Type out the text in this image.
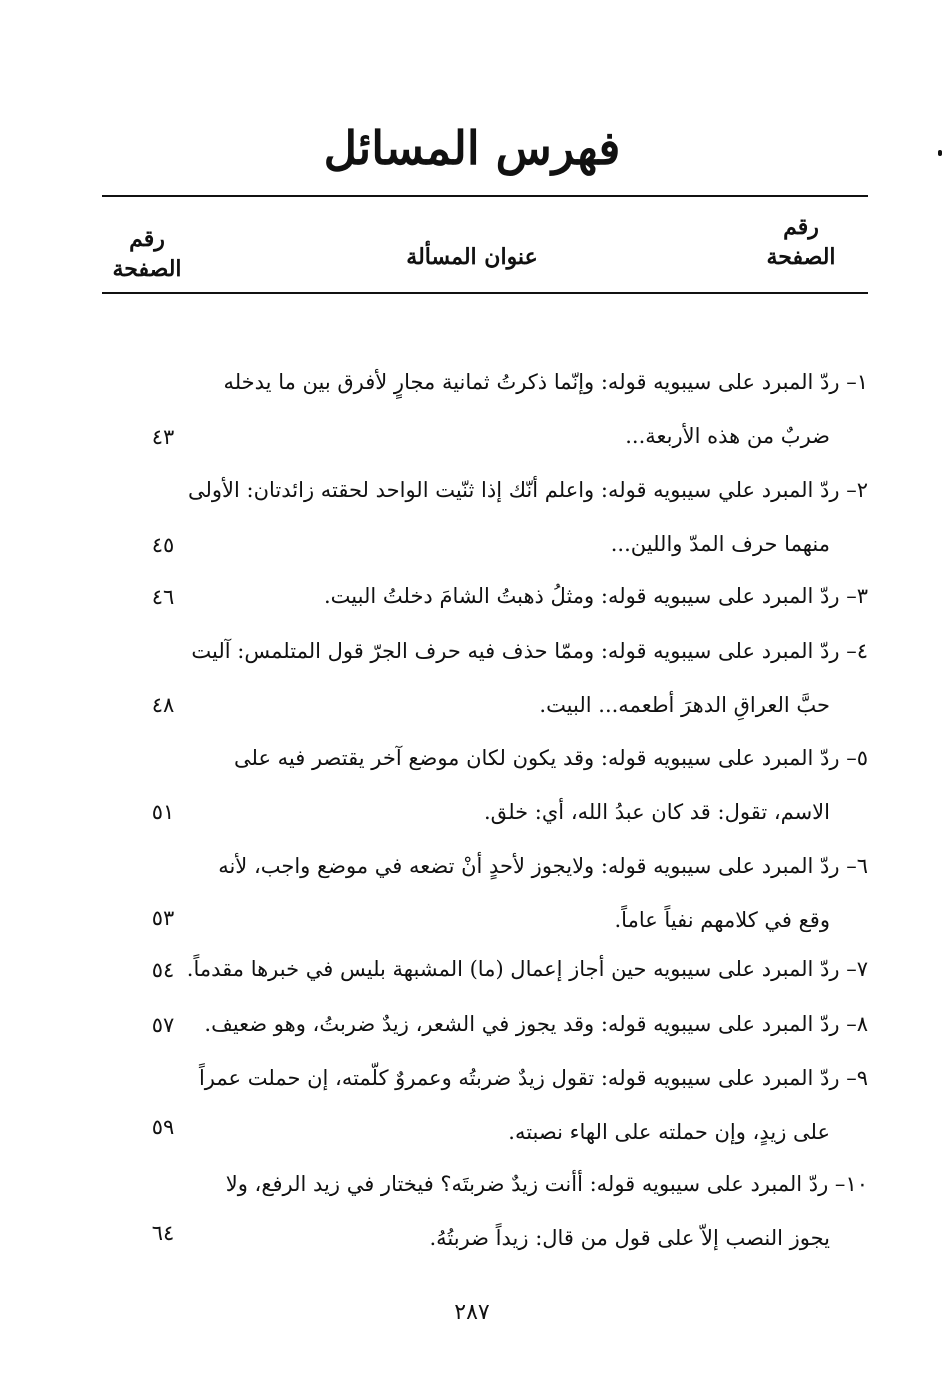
فهرس المسائل
رقم
الصفحة
عنوان المسألة
رقم
الصفحة
١– ردّ المبرد على سيبويه قوله: وإنّما ذكرتُ ثمانية مجارٍ لأفرق بين ما يدخله
ضربٌ من هذه الأربعة...
٤٣
٢– ردّ المبرد علي سيبويه قوله: واعلم أنّك إذا ثنّيت الواحد لحقته زائدتان: الأولى
منهما حرف المدّ واللين...
٤٥
٣– ردّ المبرد على سيبويه قوله: ومثلُ ذهبتُ الشامَ دخلتُ البيت.
٤٦
٤– ردّ المبرد على سيبويه قوله: وممّا حذف فيه حرف الجرّ قول المتلمس: آليت
حبَّ العراقِ الدهرَ أطعمه... البيت.
٤٨
٥– ردّ المبرد على سيبويه قوله: وقد يكون لكان موضع آخر يقتصر فيه على
الاسم، تقول: قد كان عبدُ الله، أي: خلق.
٥١
٦– ردّ المبرد على سيبويه قوله: ولايجوز لأحدٍ أنْ تضعه في موضع واجب، لأنه
وقع في كلامهم نفياً عاماً.
٥٣
٧– ردّ المبرد على سيبويه حين أجاز إعمال (ما) المشبهة بليس في خبرها مقدماً.
٥٤
٨– ردّ المبرد على سيبويه قوله: وقد يجوز في الشعر، زيدٌ ضربتُ، وهو ضعيف.
٥٧
٩– ردّ المبرد على سيبويه قوله: تقول زيدٌ ضربتُه وعمروٌ كلّمته، إن حملت عمراً
على زيدٍ، وإن حملته على الهاء نصبته.
٥٩
١٠– ردّ المبرد على سيبويه قوله: أأنت زيدٌ ضربتَه؟ فيختار في زيد الرفع، ولا
يجوز النصب إلاّ على قول من قال: زيداً ضربتُهُ.
٦٤
٢٨٧
